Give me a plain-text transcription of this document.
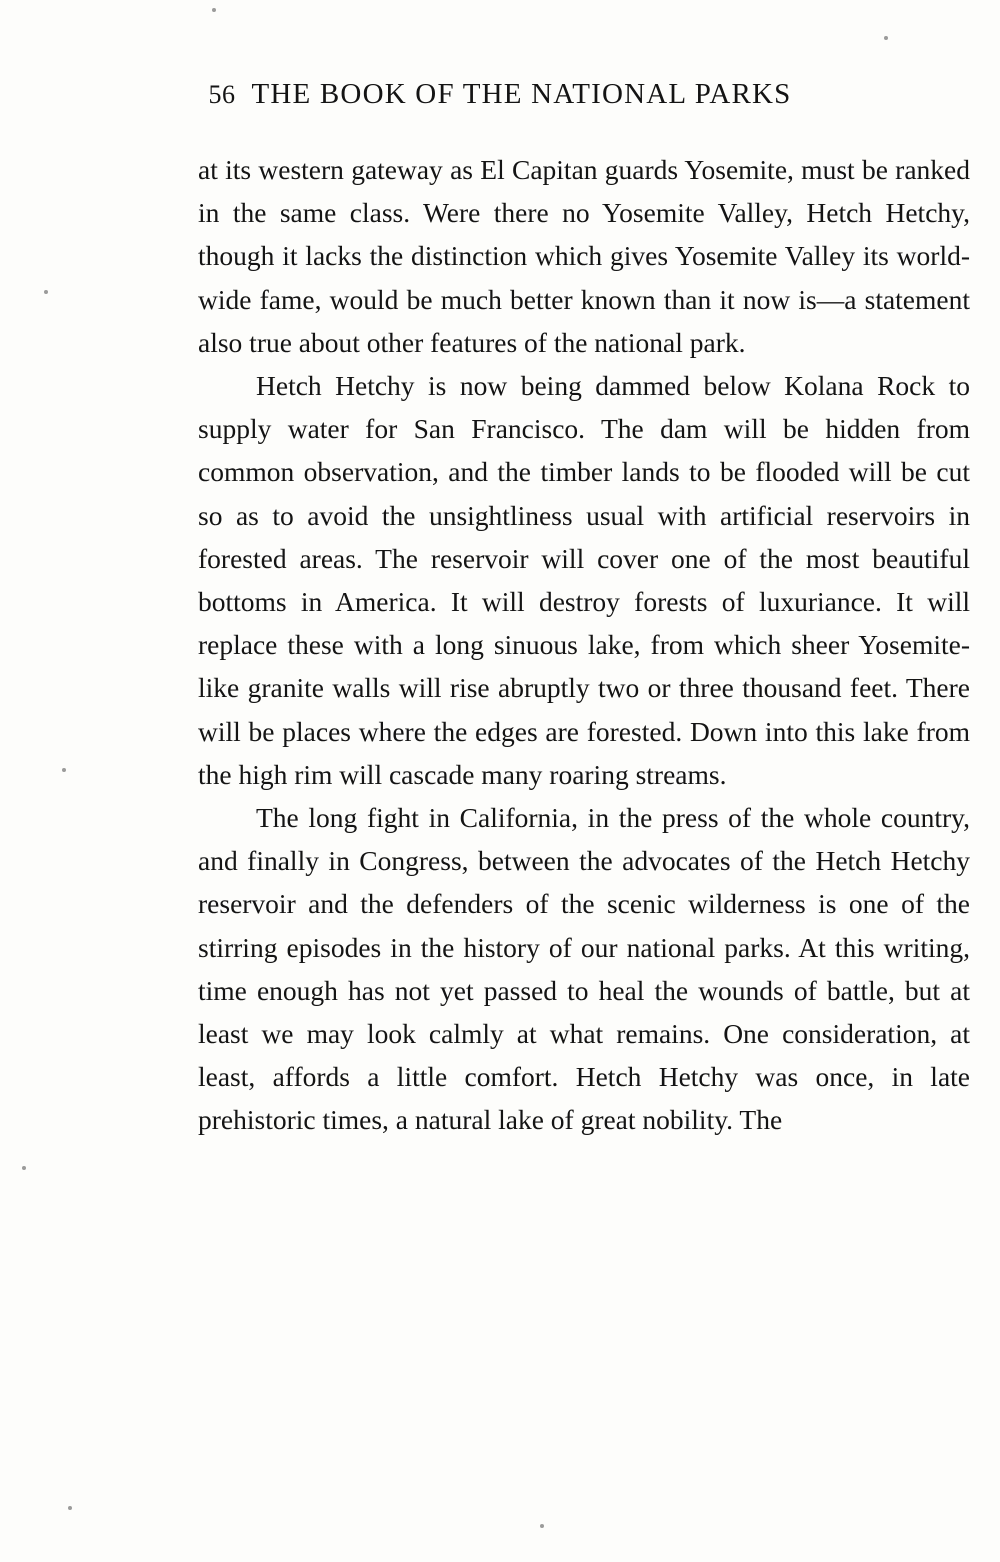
56 THE BOOK OF THE NATIONAL PARKS

at its western gateway as El Capitan guards Yosemite, must be ranked in the same class. Were there no Yosemite Valley, Hetch Hetchy, though it lacks the distinction which gives Yosemite Valley its world-wide fame, would be much better known than it now is—a statement also true about other features of the national park.

Hetch Hetchy is now being dammed below Kolana Rock to supply water for San Francisco. The dam will be hidden from common observation, and the timber lands to be flooded will be cut so as to avoid the unsightliness usual with artificial reservoirs in forested areas. The reservoir will cover one of the most beautiful bottoms in America. It will destroy forests of luxuriance. It will replace these with a long sinuous lake, from which sheer Yosemite-like granite walls will rise abruptly two or three thousand feet. There will be places where the edges are forested. Down into this lake from the high rim will cascade many roaring streams.

The long fight in California, in the press of the whole country, and finally in Congress, between the advocates of the Hetch Hetchy reservoir and the defenders of the scenic wilderness is one of the stirring episodes in the history of our national parks. At this writing, time enough has not yet passed to heal the wounds of battle, but at least we may look calmly at what remains. One consideration, at least, affords a little comfort. Hetch Hetchy was once, in late prehistoric times, a natural lake of great nobility. The
